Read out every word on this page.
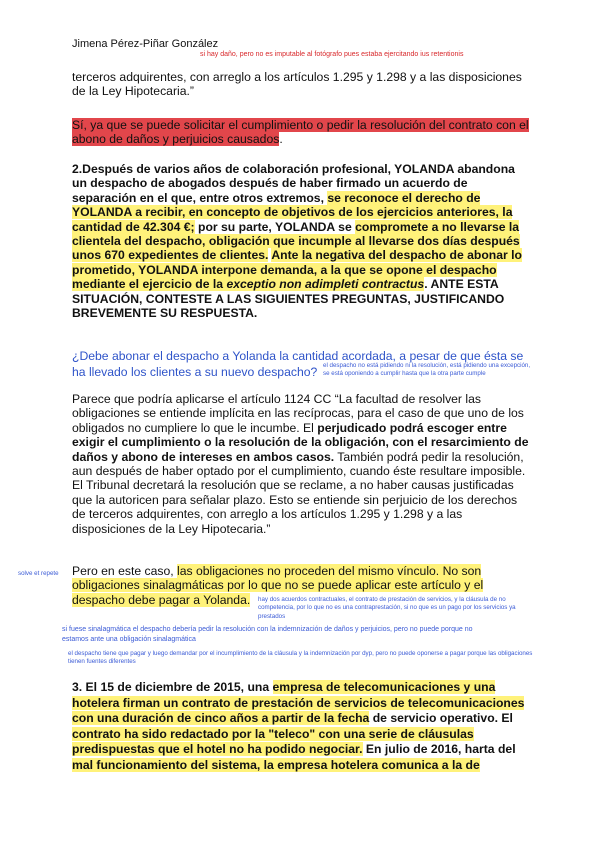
Jimena Pérez-Piñar González
si hay daño, pero no es imputable al fotógrafo pues estaba ejercitando ius retentionis
terceros adquirentes, con arreglo a los artículos 1.295 y 1.298 y a las disposiciones
de la Ley Hipotecaria.”
Sí, ya que se puede solicitar el cumplimiento o pedir la resolución del contrato con el
abono de daños y perjuicios causados.
2.Después de varios años de colaboración profesional, YOLANDA abandona
un despacho de abogados después de haber firmado un acuerdo de
separación en el que, entre otros extremos, se reconoce el derecho de
YOLANDA a recibir, en concepto de objetivos de los ejercicios anteriores, la
cantidad de 42.304 €; por su parte, YOLANDA se compromete a no llevarse la
clientela del despacho, obligación que incumple al llevarse dos días después
unos 670 expedientes de clientes. Ante la negativa del despacho de abonar lo
prometido, YOLANDA interpone demanda, a la que se opone el despacho
mediante el ejercicio de la exceptio non adimpleti contractus. ANTE ESTA
SITUACIÓN, CONTESTE A LAS SIGUIENTES PREGUNTAS, JUSTIFICANDO
BREVEMENTE SU RESPUESTA.
¿Debe abonar el despacho a Yolanda la cantidad acordada, a pesar de que ésta se
ha llevado los clientes a su nuevo despacho? el despacho no está pidiendo ni la resolución, está pidiendo una excepción, se está oponiendo a cumplir hasta que la otra parte cumple
Parece que podría aplicarse el artículo 1124 CC “La facultad de resolver las
obligaciones se entiende implícita en las recíprocas, para el caso de que uno de los
obligados no cumpliere lo que le incumbe. El perjudicado podrá escoger entre
exigir el cumplimiento o la resolución de la obligación, con el resarcimiento de
daños y abono de intereses en ambos casos. También podrá pedir la resolución,
aun después de haber optado por el cumplimiento, cuando éste resultare imposible.
El Tribunal decretará la resolución que se reclame, a no haber causas justificadas
que la autoricen para señalar plazo. Esto se entiende sin perjuicio de los derechos
de terceros adquirentes, con arreglo a los artículos 1.295 y 1.298 y a las
disposiciones de la Ley Hipotecaria.”
solve et repete Pero en este caso, las obligaciones no proceden del mismo vínculo. No son
obligaciones sinalagmáticas por lo que no se puede aplicar este artículo y el
despacho debe pagar a Yolanda.	hay dos acuerdos contractuales, el contrato de prestación de servicios, y la cláusula de no competencia, por lo que no es una contraprestación, si no que es un pago por los servicios ya prestados
si fuese sinalagmática el despacho debería pedir la resolución con la indemnización de daños y perjuicios, pero no puede porque no estamos ante una obligación sinalagmática
el despacho tiene que pagar y luego demandar por el incumplimiento de la cláusula y la indemnización por dyp, pero no puede oponerse a pagar porque las obligaciones tienen fuentes diferentes
3. El 15 de diciembre de 2015, una empresa de telecomunicaciones y una
hotelera firman un contrato de prestación de servicios de telecomunicaciones
con una duración de cinco años a partir de la fecha de servicio operativo. El
contrato ha sido redactado por la "teleco" con una serie de cláusulas
predispuestas que el hotel no ha podido negociar. En julio de 2016, harta del
mal funcionamiento del sistema, la empresa hotelera comunica a la de
